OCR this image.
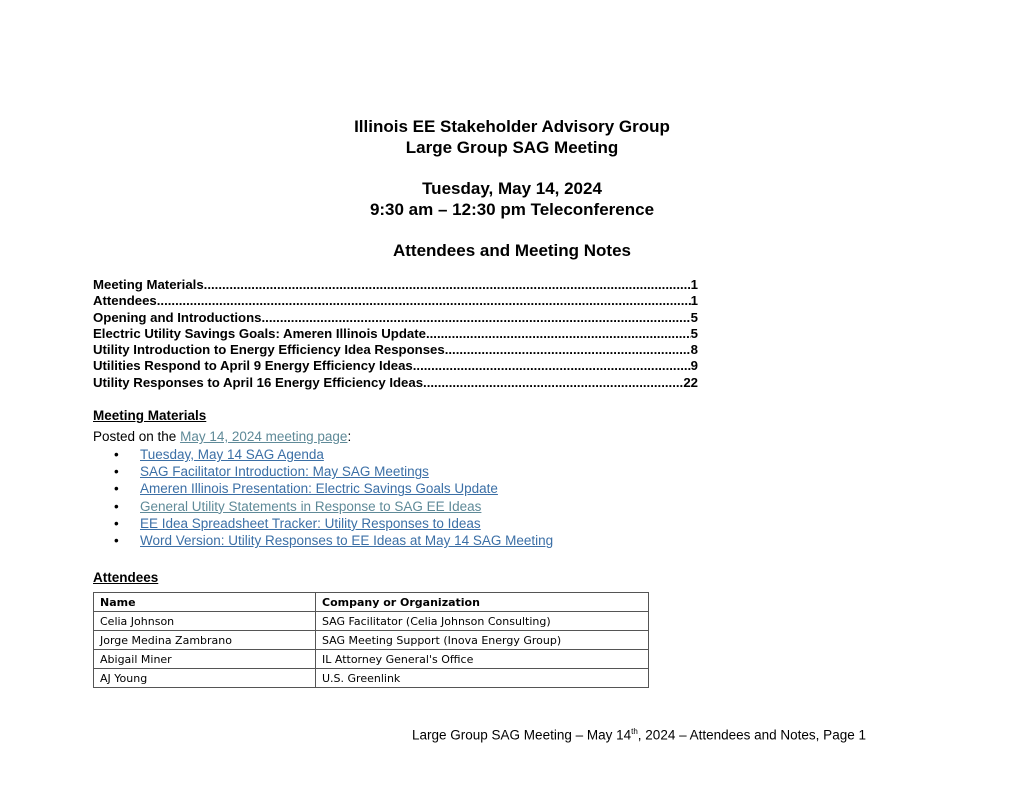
Illinois EE Stakeholder Advisory Group
Large Group SAG Meeting
Tuesday, May 14, 2024
9:30 am – 12:30 pm Teleconference
Attendees and Meeting Notes
Meeting Materials .....	1
Attendees .....	1
Opening and Introductions .....	5
Electric Utility Savings Goals: Ameren Illinois Update .....	5
Utility Introduction to Energy Efficiency Idea Responses .....	8
Utilities Respond to April 9 Energy Efficiency Ideas .....	9
Utility Responses to April 16 Energy Efficiency Ideas .....	22
Meeting Materials
Posted on the May 14, 2024 meeting page:
• Tuesday, May 14 SAG Agenda
• SAG Facilitator Introduction: May SAG Meetings
• Ameren Illinois Presentation: Electric Savings Goals Update
• General Utility Statements in Response to SAG EE Ideas
• EE Idea Spreadsheet Tracker: Utility Responses to Ideas
• Word Version: Utility Responses to EE Ideas at May 14 SAG Meeting
Attendees
Name	Company or Organization
Celia Johnson	SAG Facilitator (Celia Johnson Consulting)
Jorge Medina Zambrano	SAG Meeting Support (Inova Energy Group)
Abigail Miner	IL Attorney General's Office
AJ Young	U.S. Greenlink
Large Group SAG Meeting – May 14th, 2024 – Attendees and Notes, Page 1
